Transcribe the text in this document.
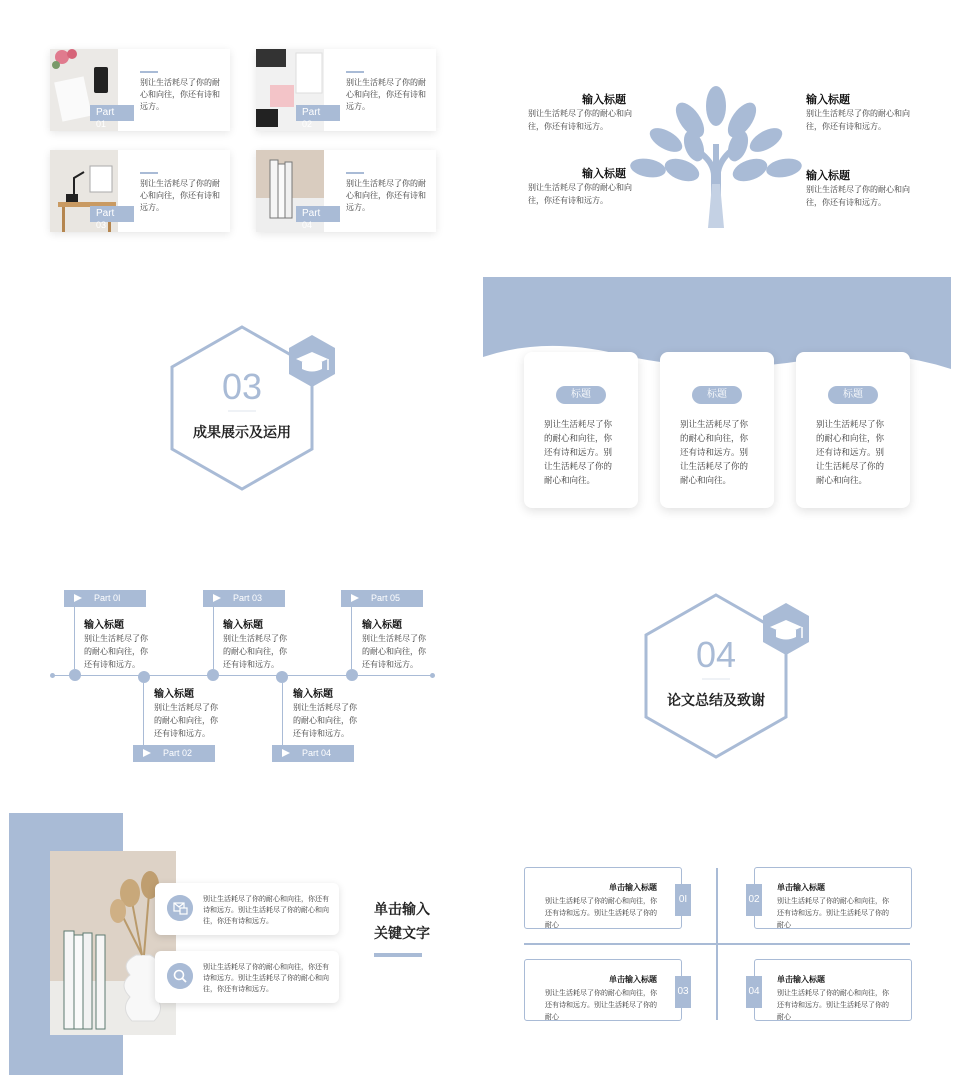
Part
01
别让生活耗尽了你的耐心和向往，你还有诗和远方。
Part
02
别让生活耗尽了你的耐心和向往，你还有诗和远方。
Part
03
别让生活耗尽了你的耐心和向往，你还有诗和远方。
Part
04
别让生活耗尽了你的耐心和向往，你还有诗和远方。
输入标题
别让生活耗尽了你的耐心和向往，你还有诗和远方。
输入标题
别让生活耗尽了你的耐心和向往，你还有诗和远方。
输入标题
别让生活耗尽了你的耐心和向往，你还有诗和远方。
输入标题
别让生活耗尽了你的耐心和向往，你还有诗和远方。
03
成果展示及运用
标题
别让生活耗尽了你的耐心和向往，你还有诗和远方。别让生活耗尽了你的耐心和向往。
标题
别让生活耗尽了你的耐心和向往，你还有诗和远方。别让生活耗尽了你的耐心和向往。
标题
别让生活耗尽了你的耐心和向往，你还有诗和远方。别让生活耗尽了你的耐心和向往。
Part 0I
输入标题
别让生活耗尽了你的耐心和向往，你还有诗和远方。
输入标题
别让生活耗尽了你的耐心和向往，你还有诗和远方。
Part 02
Part 03
输入标题
别让生活耗尽了你的耐心和向往，你还有诗和远方。
输入标题
别让生活耗尽了你的耐心和向往，你还有诗和远方。
Part 04
Part 05
输入标题
别让生活耗尽了你的耐心和向往，你还有诗和远方。	04
论文总结及致谢
别让生活耗尽了你的耐心和向往，你还有诗和远方。别让生活耗尽了你的耐心和向往，你还有诗和远方。
别让生活耗尽了你的耐心和向往，你还有诗和远方。别让生活耗尽了你的耐心和向往，你还有诗和远方。
单击输入
关键文字
单击输入标题
别让生活耗尽了你的耐心和向往，你还有诗和远方。别让生活耗尽了你的耐心
0I	02
单击输入标题
别让生活耗尽了你的耐心和向往，你还有诗和远方。别让生活耗尽了你的耐心
单击输入标题
别让生活耗尽了你的耐心和向往，你还有诗和远方。别让生活耗尽了你的耐心
03	04
单击输入标题
别让生活耗尽了你的耐心和向往，你还有诗和远方。别让生活耗尽了你的耐心
